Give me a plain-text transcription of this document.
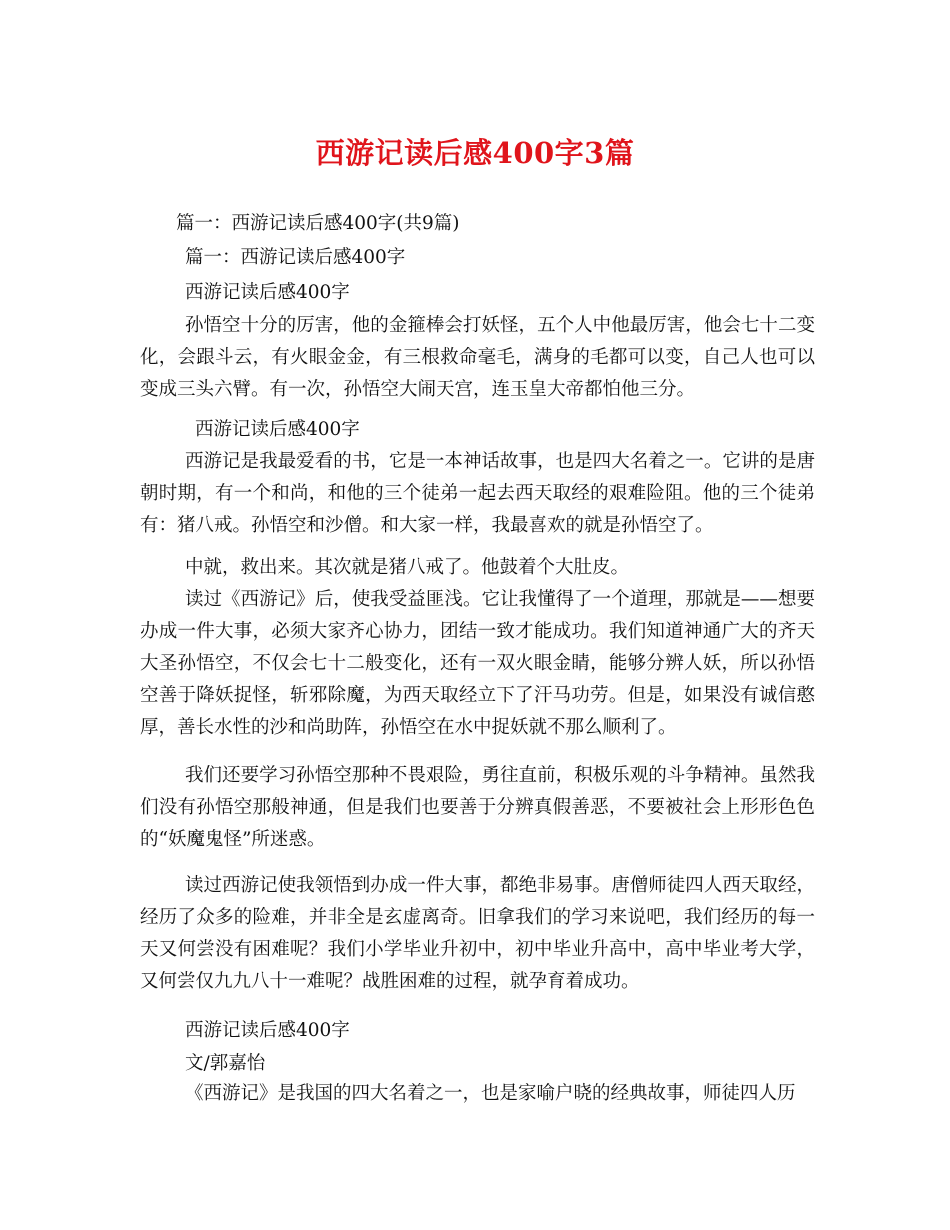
西游记读后感400字3篇
篇一：西游记读后感400字(共9篇)
篇一：西游记读后感400字
西游记读后感400字
孙悟空十分的厉害，他的金箍棒会打妖怪，五个人中他最厉害，他会七十二变化，会跟斗云，有火眼金金，有三根救命毫毛，满身的毛都可以变，自己人也可以变成三头六臂。有一次，孙悟空大闹天宫，连玉皇大帝都怕他三分。
西游记读后感400字
西游记是我最爱看的书，它是一本神话故事，也是四大名着之一。它讲的是唐朝时期，有一个和尚，和他的三个徒弟一起去西天取经的艰难险阻。他的三个徒弟有：猪八戒。孙悟空和沙僧。和大家一样，我最喜欢的就是孙悟空了。
中就，救出来。其次就是猪八戒了。他鼓着个大肚皮。
读过《西游记》后，使我受益匪浅。它让我懂得了一个道理，那就是——想要办成一件大事，必须大家齐心协力，团结一致才能成功。我们知道神通广大的齐天大圣孙悟空，不仅会七十二般变化，还有一双火眼金睛，能够分辨人妖，所以孙悟空善于降妖捉怪，斩邪除魔，为西天取经立下了汗马功劳。但是，如果没有诚信憨厚，善长水性的沙和尚助阵，孙悟空在水中捉妖就不那么顺利了。
我们还要学习孙悟空那种不畏艰险，勇往直前，积极乐观的斗争精神。虽然我们没有孙悟空那般神通，但是我们也要善于分辨真假善恶，不要被社会上形形色色的“妖魔鬼怪”所迷惑。
读过西游记使我领悟到办成一件大事，都绝非易事。唐僧师徒四人西天取经，经历了众多的险难，并非全是玄虚离奇。旧拿我们的学习来说吧，我们经历的每一天又何尝没有困难呢？我们小学毕业升初中，初中毕业升高中，高中毕业考大学，又何尝仅九九八十一难呢？战胜困难的过程，就孕育着成功。
西游记读后感400字
文/郭嘉怡
《西游记》是我国的四大名着之一，也是家喻户晓的经典故事，师徒四人历
